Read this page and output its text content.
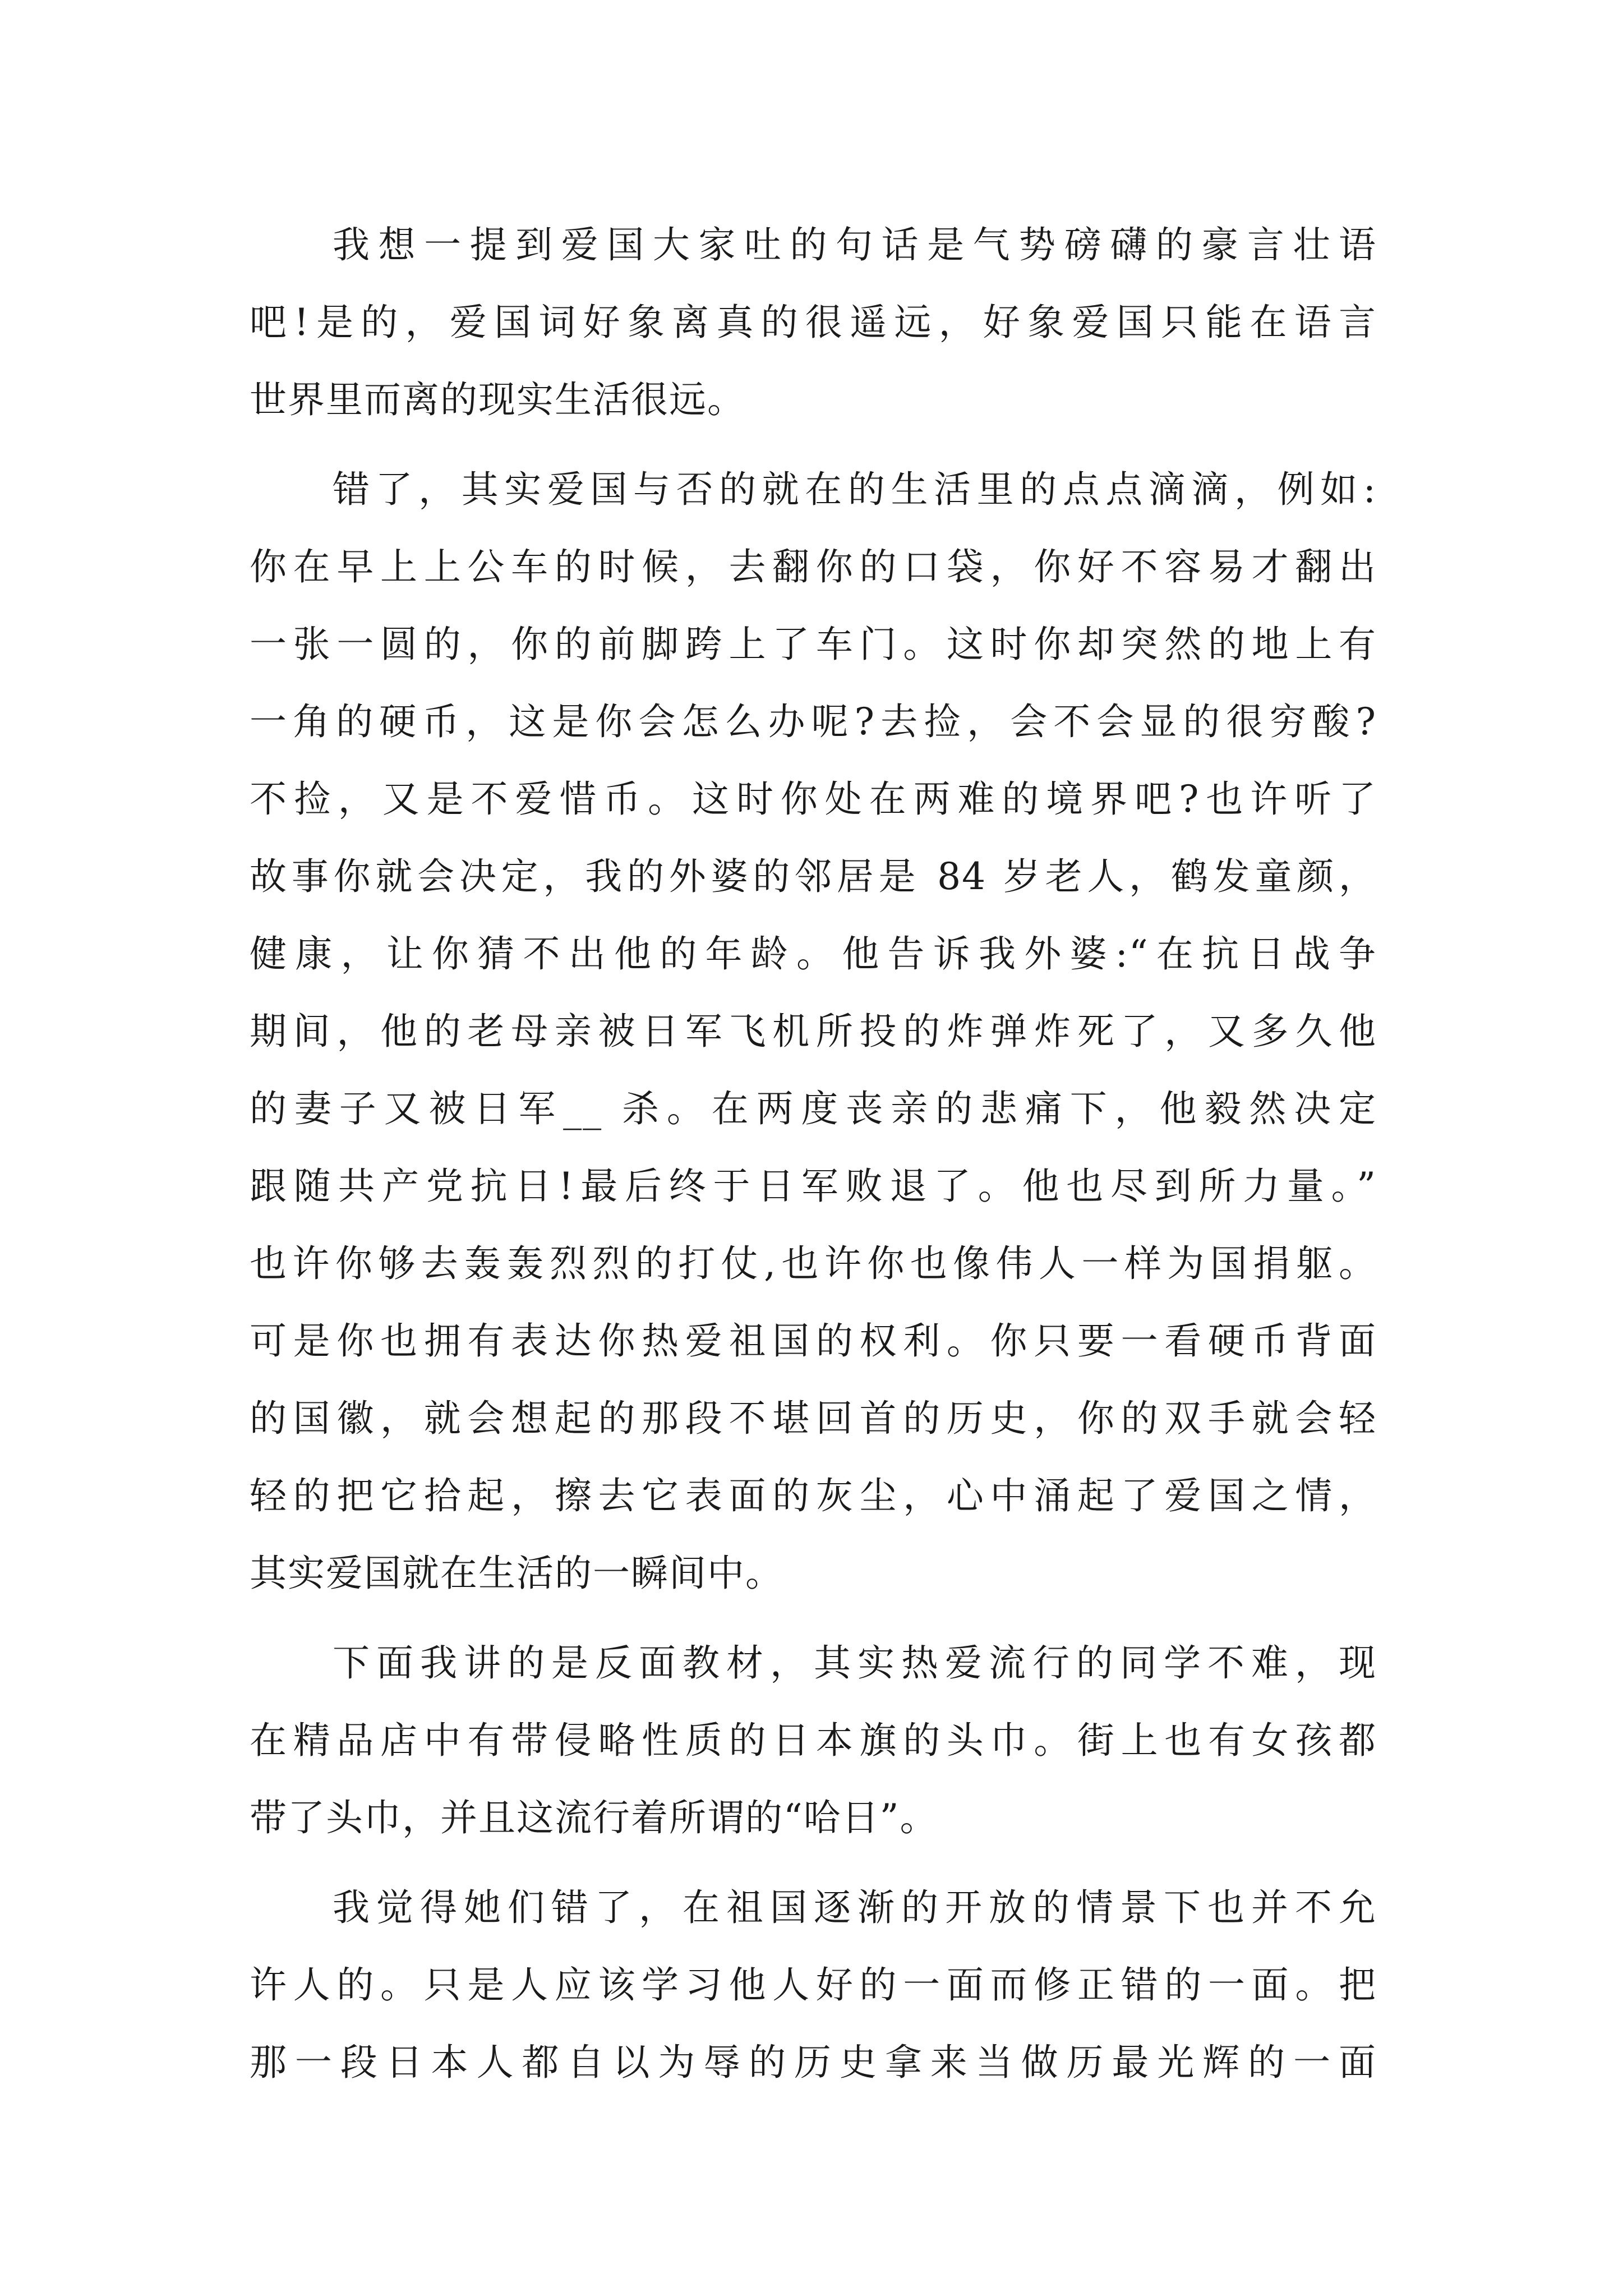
我想一提到爱国大家吐的句话是气势磅礴的豪言壮语
吧!是的，爱国词好象离真的很遥远，好象爱国只能在语言
世界里而离的现实生活很远。
错了，其实爱国与否的就在的生活里的点点滴滴，例如:
你在早上上公车的时候，去翻你的口袋，你好不容易才翻出
一张一圆的，你的前脚跨上了车门。这时你却突然的地上有
一角的硬币，这是你会怎么办呢?去捡，会不会显的很穷酸?
不捡，又是不爱惜币。这时你处在两难的境界吧?也许听了
故事你就会决定，我的外婆的邻居是 84 岁老人，鹤发童颜，
健康，让你猜不出他的年龄。他告诉我外婆:“在抗日战争
期间，他的老母亲被日军飞机所投的炸弹炸死了，又多久他
的妻子又被日军__ 杀。在两度丧亲的悲痛下，他毅然决定
跟随共产党抗日!最后终于日军败退了。他也尽到所力量。”
也许你够去轰轰烈烈的打仗,也许你也像伟人一样为国捐躯。
可是你也拥有表达你热爱祖国的权利。你只要一看硬币背面
的国徽，就会想起的那段不堪回首的历史，你的双手就会轻
轻的把它拾起，擦去它表面的灰尘，心中涌起了爱国之情，
其实爱国就在生活的一瞬间中。
下面我讲的是反面教材，其实热爱流行的同学不难，现
在精品店中有带侵略性质的日本旗的头巾。街上也有女孩都
带了头巾，并且这流行着所谓的“哈日”。
我觉得她们错了，在祖国逐渐的开放的情景下也并不允
许人的。只是人应该学习他人好的一面而修正错的一面。把
那一段日本人都自以为辱的历史拿来当做历最光辉的一面
